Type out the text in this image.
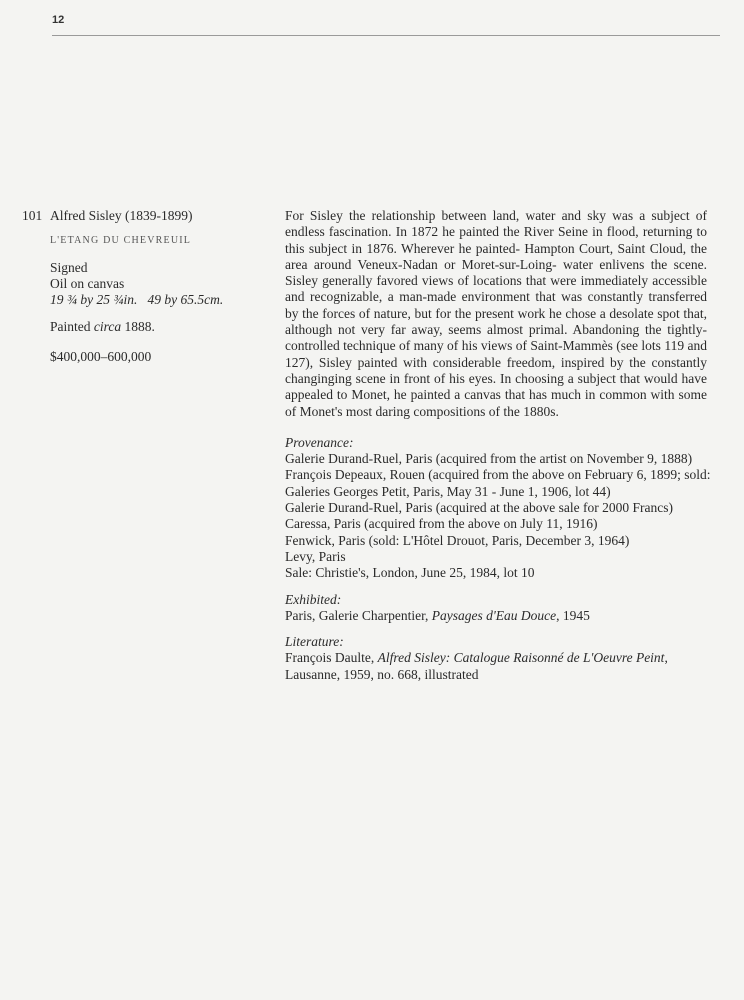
12
101 Alfred Sisley (1839-1899)
L'ETANG DU CHEVREUIL
Signed
Oil on canvas
19 ¾ by 25 ¾in.   49 by 65.5cm.
Painted circa 1888.
$400,000–600,000
For Sisley the relationship between land, water and sky was a subject of endless fascination. In 1872 he painted the River Seine in flood, returning to this subject in 1876. Wherever he painted- Hampton Court, Saint Cloud, the area around Veneux-Nadan or Moret-sur-Loing- water enlivens the scene. Sisley generally favored views of locations that were immediately accessible and recognizable, a man-made environment that was constantly transferred by the forces of nature, but for the present work he chose a desolate spot that, although not very far away, seems almost primal. Abandoning the tightly-controlled technique of many of his views of Saint-Mammès (see lots 119 and 127), Sisley painted with considerable freedom, inspired by the constantly changinging scene in front of his eyes. In choosing a subject that would have appealed to Monet, he painted a canvas that has much in common with some of Monet's most daring compositions of the 1880s.
Provenance:
Galerie Durand-Ruel, Paris (acquired from the artist on November 9, 1888)
François Depeaux, Rouen (acquired from the above on February 6, 1899; sold:
Galeries Georges Petit, Paris, May 31 - June 1, 1906, lot 44)
Galerie Durand-Ruel, Paris (acquired at the above sale for 2000 Francs)
Caressa, Paris (acquired from the above on July 11, 1916)
Fenwick, Paris (sold: L'Hôtel Drouot, Paris, December 3, 1964)
Levy, Paris
Sale: Christie's, London, June 25, 1984, lot 10
Exhibited:
Paris, Galerie Charpentier, Paysages d'Eau Douce, 1945
Literature:
François Daulte, Alfred Sisley: Catalogue Raisonné de L'Oeuvre Peint, Lausanne, 1959, no. 668, illustrated
